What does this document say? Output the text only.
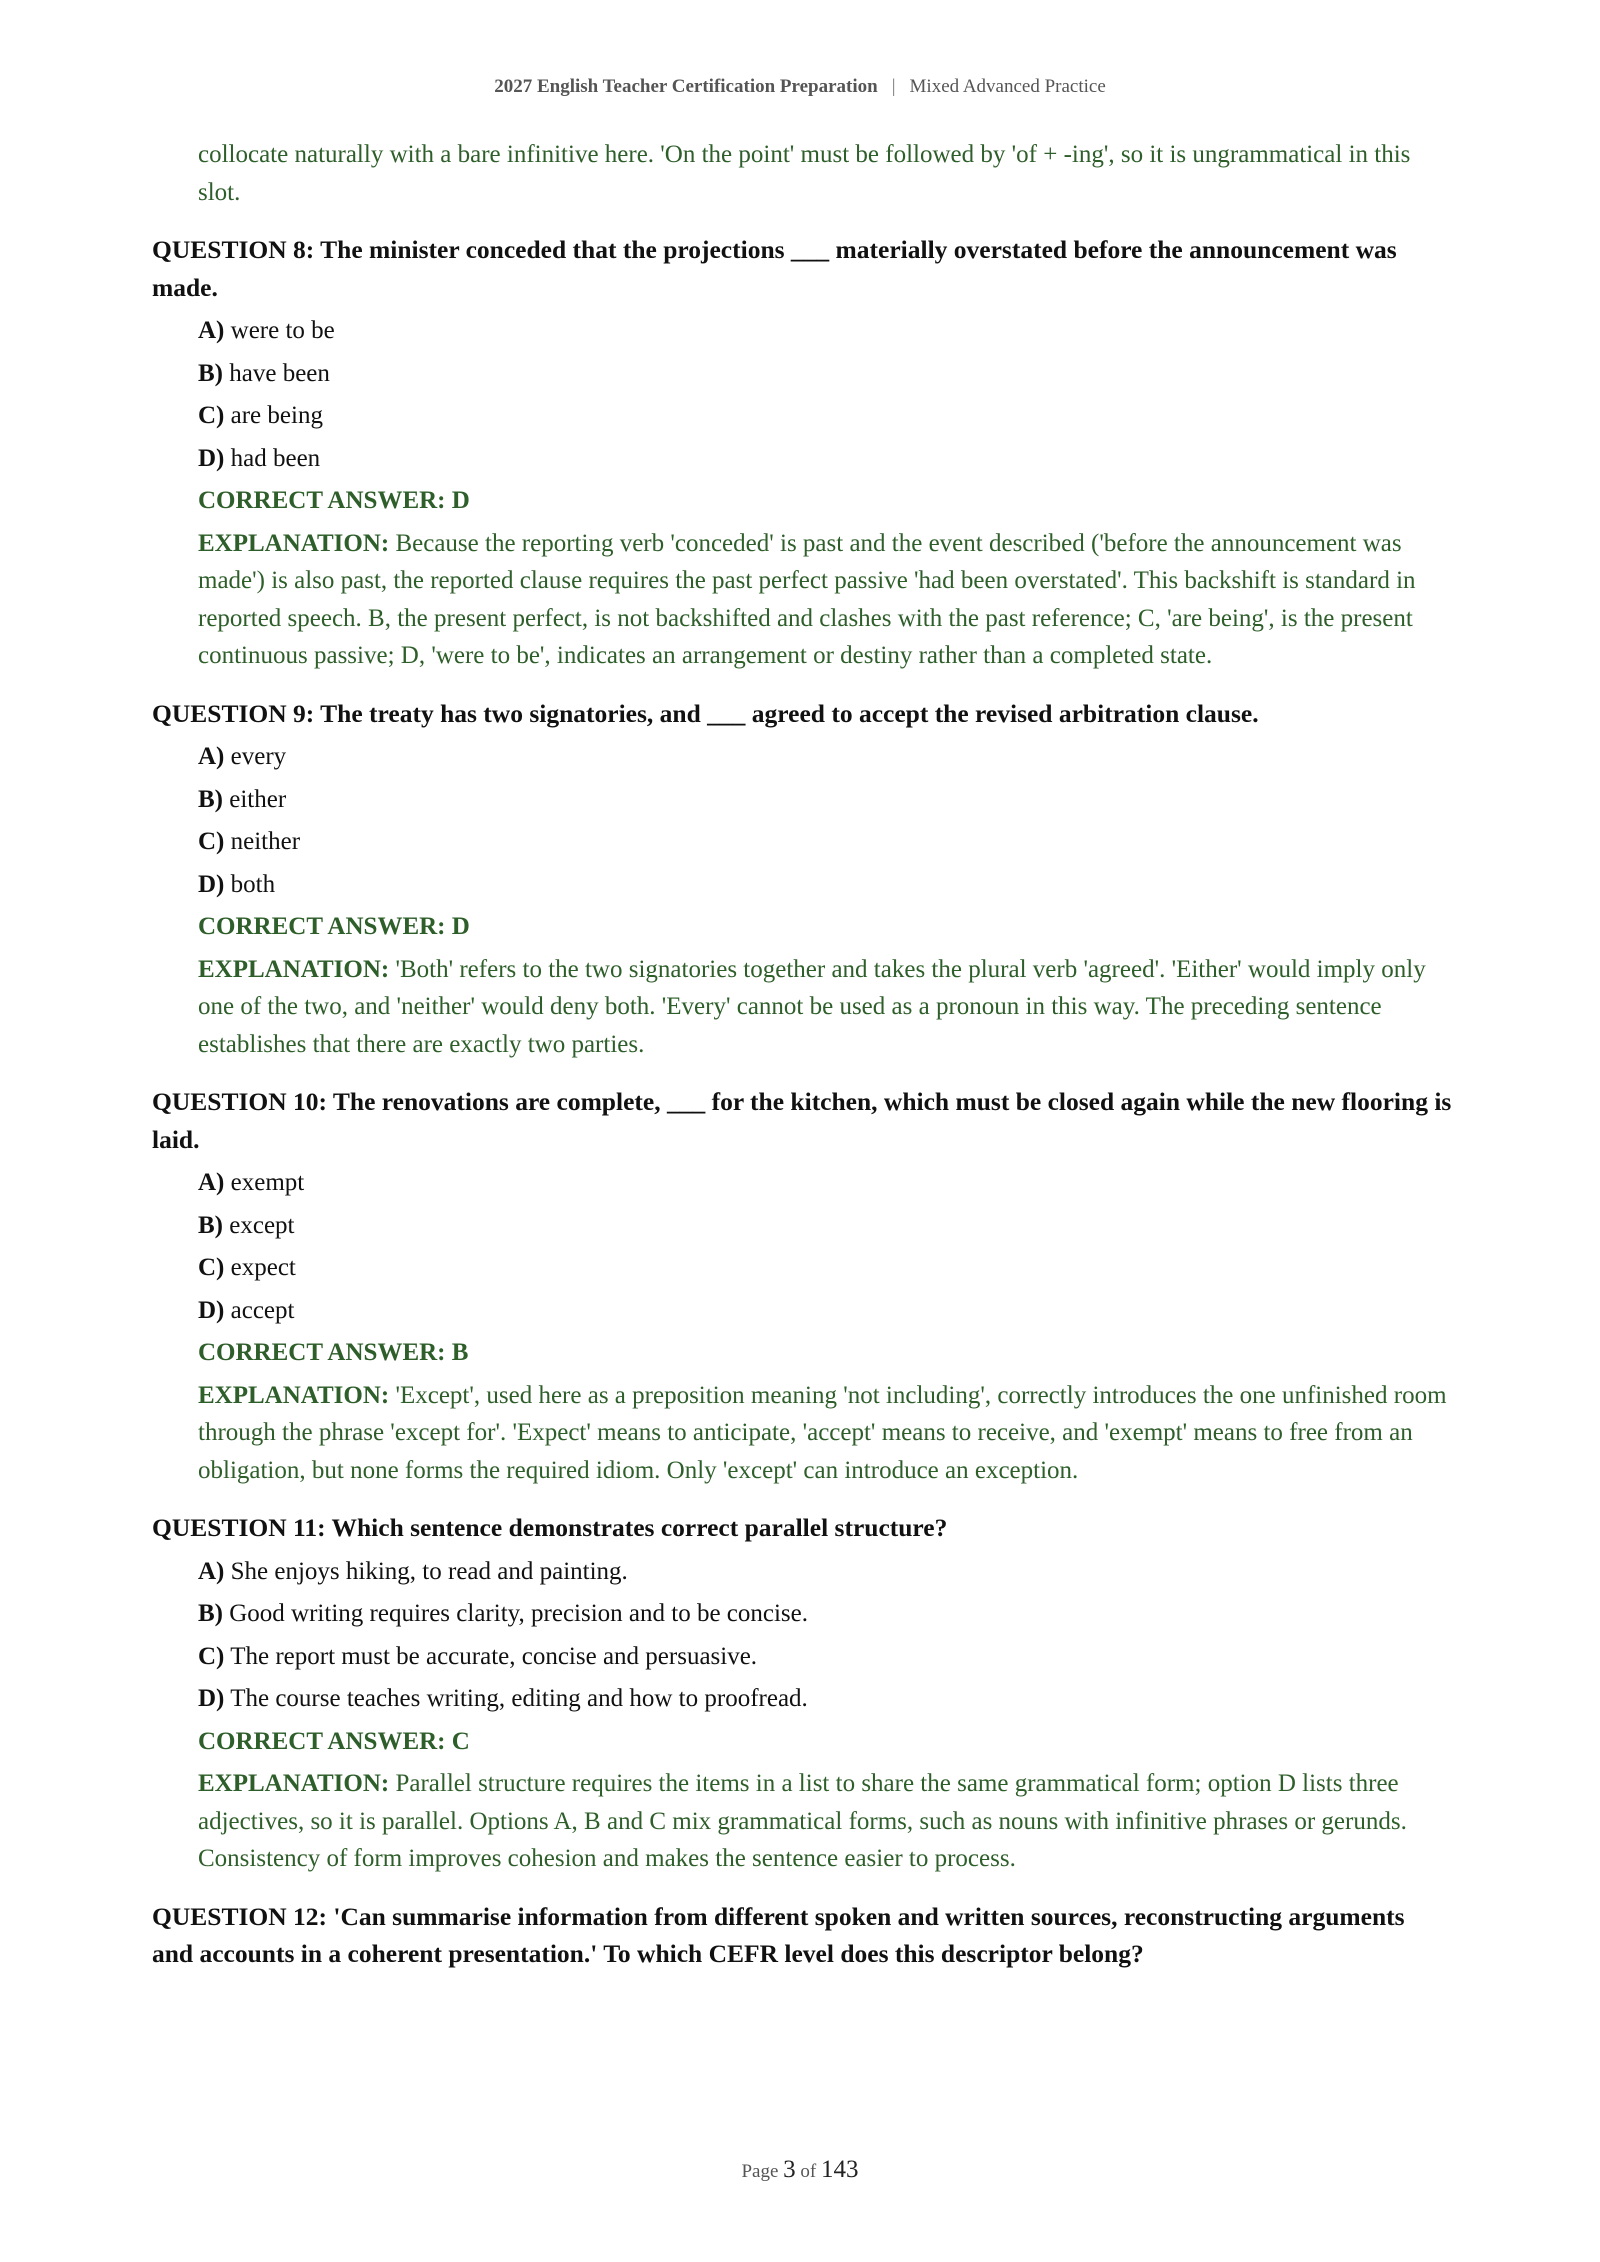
2027 English Teacher Certification Preparation | Mixed Advanced Practice
collocate naturally with a bare infinitive here. 'On the point' must be followed by 'of + -ing', so it is ungrammatical in this slot.

QUESTION 8: The minister conceded that the projections ___ materially overstated before the announcement was made.

A) were to be
B) have been
C) are being
D) had been
CORRECT ANSWER: D
EXPLANATION: Because the reporting verb 'conceded' is past and the event described ('before the announcement was made') is also past, the reported clause requires the past perfect passive 'had been overstated'. This backshift is standard in reported speech. B, the present perfect, is not backshifted and clashes with the past reference; C, 'are being', is the present continuous passive; D, 'were to be', indicates an arrangement or destiny rather than a completed state.

QUESTION 9: The treaty has two signatories, and ___ agreed to accept the revised arbitration clause.

A) every
B) either
C) neither
D) both
CORRECT ANSWER: D
EXPLANATION: 'Both' refers to the two signatories together and takes the plural verb 'agreed'. 'Either' would imply only one of the two, and 'neither' would deny both. 'Every' cannot be used as a pronoun in this way. The preceding sentence establishes that there are exactly two parties.

QUESTION 10: The renovations are complete, ___ for the kitchen, which must be closed again while the new flooring is laid.

A) exempt
B) except
C) expect
D) accept
CORRECT ANSWER: B
EXPLANATION: 'Except', used here as a preposition meaning 'not including', correctly introduces the one unfinished room through the phrase 'except for'. 'Expect' means to anticipate, 'accept' means to receive, and 'exempt' means to free from an obligation, but none forms the required idiom. Only 'except' can introduce an exception.

QUESTION 11: Which sentence demonstrates correct parallel structure?

A) She enjoys hiking, to read and painting.
B) Good writing requires clarity, precision and to be concise.
C) The report must be accurate, concise and persuasive.
D) The course teaches writing, editing and how to proofread.
CORRECT ANSWER: C
EXPLANATION: Parallel structure requires the items in a list to share the same grammatical form; option D lists three adjectives, so it is parallel. Options A, B and C mix grammatical forms, such as nouns with infinitive phrases or gerunds. Consistency of form improves cohesion and makes the sentence easier to process.

QUESTION 12: 'Can summarise information from different spoken and written sources, reconstructing arguments and accounts in a coherent presentation.' To which CEFR level does this descriptor belong?

Page 3 of 143
